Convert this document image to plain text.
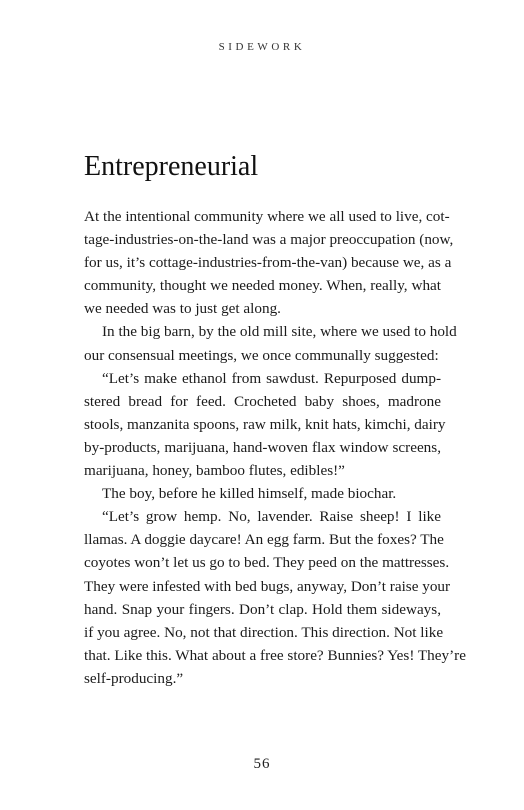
SIDEWORK
Entrepreneurial
At the intentional community where we all used to live, cot-
tage-industries-on-the-land was a major preoccupation (now,
for us, it’s cottage-industries-from-the-van) because we, as a
community, thought we needed money. When, really, what
we needed was to just get along.
In the big barn, by the old mill site, where we used to hold
our consensual meetings, we once communally suggested:
“Let’s make ethanol from sawdust. Repurposed dump-
stered bread for feed. Crocheted baby shoes, madrone
stools, manzanita spoons, raw milk, knit hats, kimchi, dairy
by-products, marijuana, hand-woven flax window screens,
marijuana, honey, bamboo flutes, edibles!”
The boy, before he killed himself, made biochar.
“Let’s grow hemp. No, lavender. Raise sheep! I like
llamas. A doggie daycare! An egg farm. But the foxes? The
coyotes won’t let us go to bed. They peed on the mattresses.
They were infested with bed bugs, anyway, Don’t raise your
hand. Snap your fingers. Don’t clap. Hold them sideways,
if you agree. No, not that direction. This direction. Not like
that. Like this. What about a free store? Bunnies? Yes! They’re
self-producing.”
56
